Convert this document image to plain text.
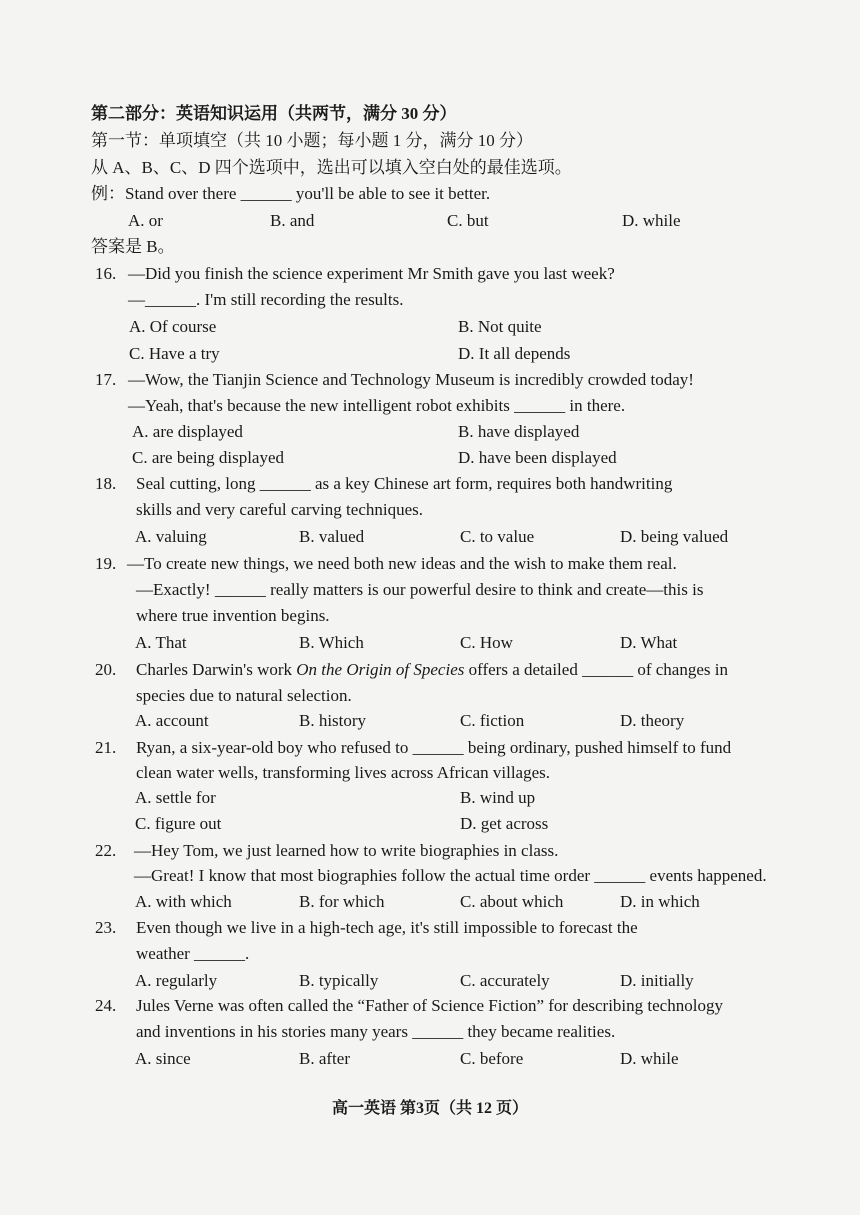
第二部分：英语知识运用（共两节，满分 30 分）
第一节：单项填空（共 10 小题；每小题 1 分，满分 10 分）
从 A、B、C、D 四个选项中，选出可以填入空白处的最佳选项。
例：Stand over there ______ you'll be able to see it better.
A. or	B. and	C. but	D. while
答案是 B。
16. —Did you finish the science experiment Mr Smith gave you last week?
—______. I'm still recording the results.
A. Of course	B. Not quite
C. Have a try	D. It all depends
17. —Wow, the Tianjin Science and Technology Museum is incredibly crowded today!
—Yeah, that's because the new intelligent robot exhibits ______ in there.
A. are displayed	B. have displayed
C. are being displayed	D. have been displayed
18. Seal cutting, long ______ as a key Chinese art form, requires both handwriting
skills and very careful carving techniques.
A. valuing	B. valued	C. to value	D. being valued
19. —To create new things, we need both new ideas and the wish to make them real.
—Exactly! ______ really matters is our powerful desire to think and create—this is
where true invention begins.
A. That	B. Which	C. How	D. What
20. Charles Darwin's work On the Origin of Species offers a detailed ______ of changes in
species due to natural selection.
A. account	B. history	C. fiction	D. theory
21. Ryan, a six-year-old boy who refused to ______ being ordinary, pushed himself to fund
clean water wells, transforming lives across African villages.
A. settle for	B. wind up
C. figure out	D. get across
22. —Hey Tom, we just learned how to write biographies in class.
—Great! I know that most biographies follow the actual time order ______ events happened.
A. with which	B. for which	C. about which	D. in which
23. Even though we live in a high-tech age, it's still impossible to forecast the
weather ______.
A. regularly	B. typically	C. accurately	D. initially
24. Jules Verne was often called the “Father of Science Fiction” for describing technology
and inventions in his stories many years ______ they became realities.
A. since	B. after	C. before	D. while
高一英语 第3页（共 12 页）
